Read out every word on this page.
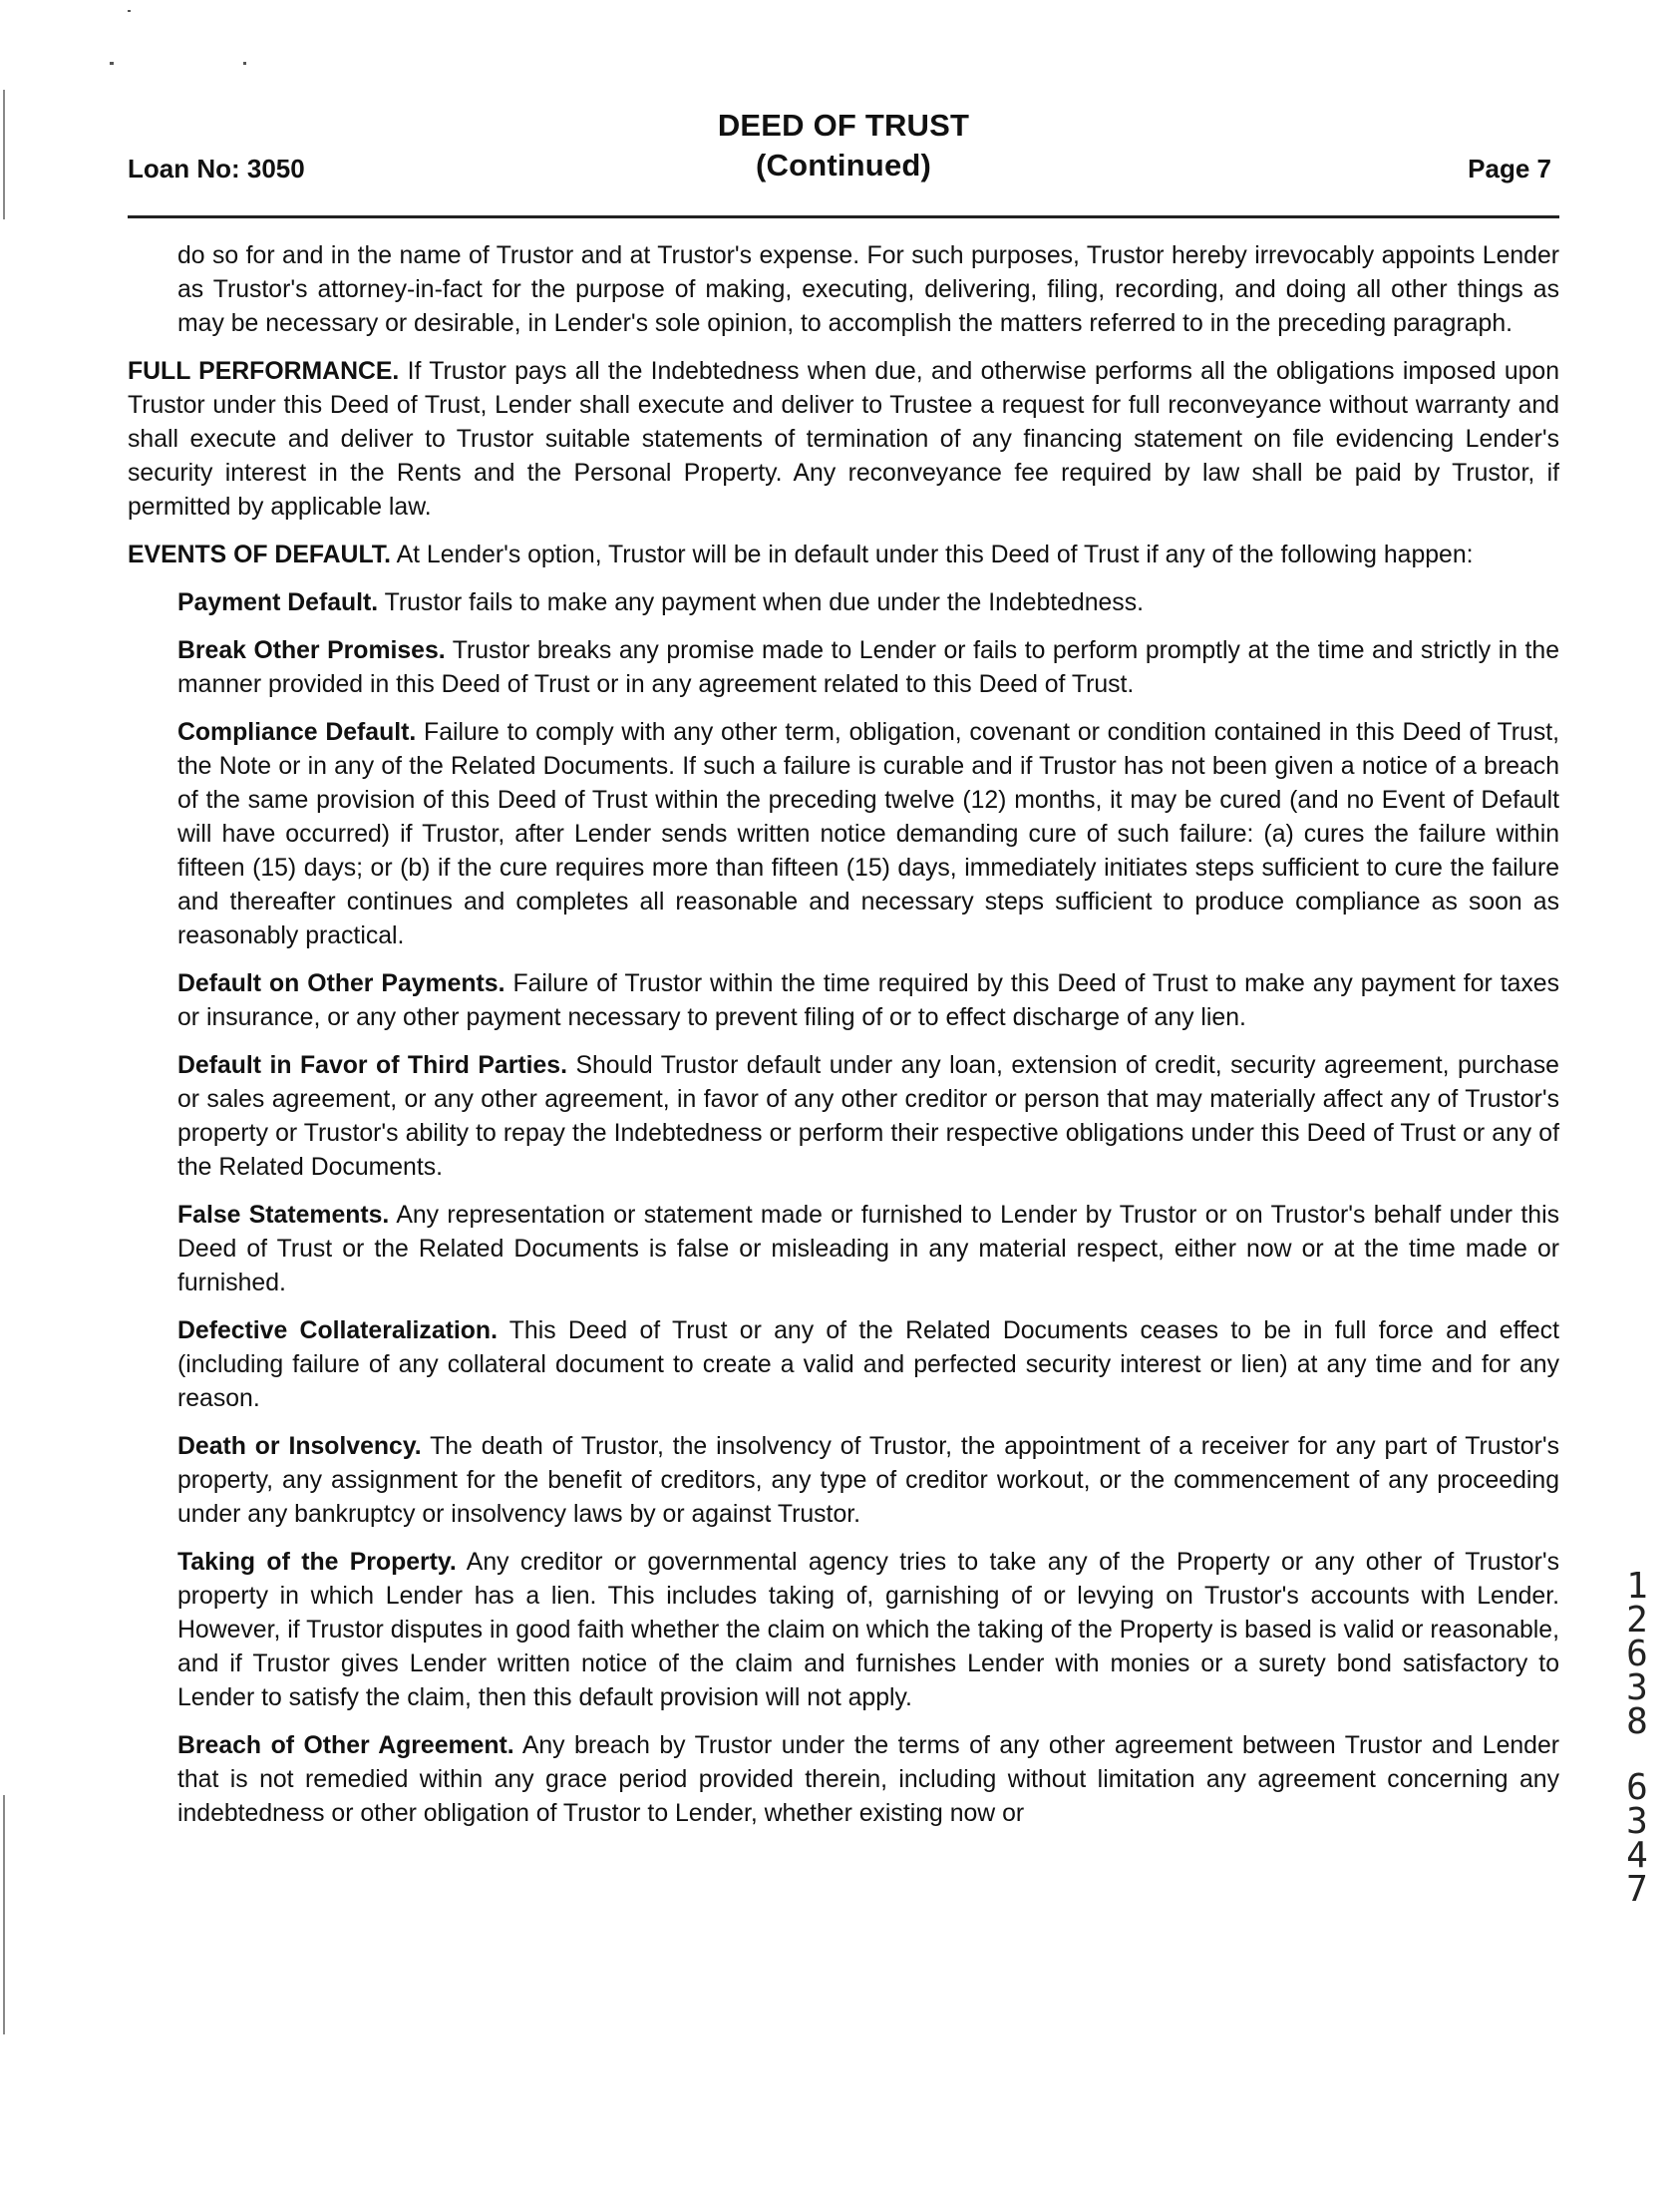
DEED OF TRUST
(Continued)
Loan No: 3050	Page 7

do so for and in the name of Trustor and at Trustor's expense. For such purposes, Trustor hereby irrevocably appoints Lender as Trustor's attorney-in-fact for the purpose of making, executing, delivering, filing, recording, and doing all other things as may be necessary or desirable, in Lender's sole opinion, to accomplish the matters referred to in the preceding paragraph.

FULL PERFORMANCE. If Trustor pays all the Indebtedness when due, and otherwise performs all the obligations imposed upon Trustor under this Deed of Trust, Lender shall execute and deliver to Trustee a request for full reconveyance without warranty and shall execute and deliver to Trustor suitable statements of termination of any financing statement on file evidencing Lender's security interest in the Rents and the Personal Property. Any reconveyance fee required by law shall be paid by Trustor, if permitted by applicable law.

EVENTS OF DEFAULT. At Lender's option, Trustor will be in default under this Deed of Trust if any of the following happen:

Payment Default. Trustor fails to make any payment when due under the Indebtedness.

Break Other Promises. Trustor breaks any promise made to Lender or fails to perform promptly at the time and strictly in the manner provided in this Deed of Trust or in any agreement related to this Deed of Trust.

Compliance Default. Failure to comply with any other term, obligation, covenant or condition contained in this Deed of Trust, the Note or in any of the Related Documents. If such a failure is curable and if Trustor has not been given a notice of a breach of the same provision of this Deed of Trust within the preceding twelve (12) months, it may be cured (and no Event of Default will have occurred) if Trustor, after Lender sends written notice demanding cure of such failure: (a) cures the failure within fifteen (15) days; or (b) if the cure requires more than fifteen (15) days, immediately initiates steps sufficient to cure the failure and thereafter continues and completes all reasonable and necessary steps sufficient to produce compliance as soon as reasonably practical.

Default on Other Payments. Failure of Trustor within the time required by this Deed of Trust to make any payment for taxes or insurance, or any other payment necessary to prevent filing of or to effect discharge of any lien.

Default in Favor of Third Parties. Should Trustor default under any loan, extension of credit, security agreement, purchase or sales agreement, or any other agreement, in favor of any other creditor or person that may materially affect any of Trustor's property or Trustor's ability to repay the Indebtedness or perform their respective obligations under this Deed of Trust or any of the Related Documents.

False Statements. Any representation or statement made or furnished to Lender by Trustor or on Trustor's behalf under this Deed of Trust or the Related Documents is false or misleading in any material respect, either now or at the time made or furnished.

Defective Collateralization. This Deed of Trust or any of the Related Documents ceases to be in full force and effect (including failure of any collateral document to create a valid and perfected security interest or lien) at any time and for any reason.

Death or Insolvency. The death of Trustor, the insolvency of Trustor, the appointment of a receiver for any part of Trustor's property, any assignment for the benefit of creditors, any type of creditor workout, or the commencement of any proceeding under any bankruptcy or insolvency laws by or against Trustor.

Taking of the Property. Any creditor or governmental agency tries to take any of the Property or any other of Trustor's property in which Lender has a lien. This includes taking of, garnishing of or levying on Trustor's accounts with Lender. However, if Trustor disputes in good faith whether the claim on which the taking of the Property is based is valid or reasonable, and if Trustor gives Lender written notice of the claim and furnishes Lender with monies or a surety bond satisfactory to Lender to satisfy the claim, then this default provision will not apply.

Breach of Other Agreement. Any breach by Trustor under the terms of any other agreement between Trustor and Lender that is not remedied within any grace period provided therein, including without limitation any agreement concerning any indebtedness or other obligation of Trustor to Lender, whether existing now or

1
2
6
3
8
6
3
4
7
